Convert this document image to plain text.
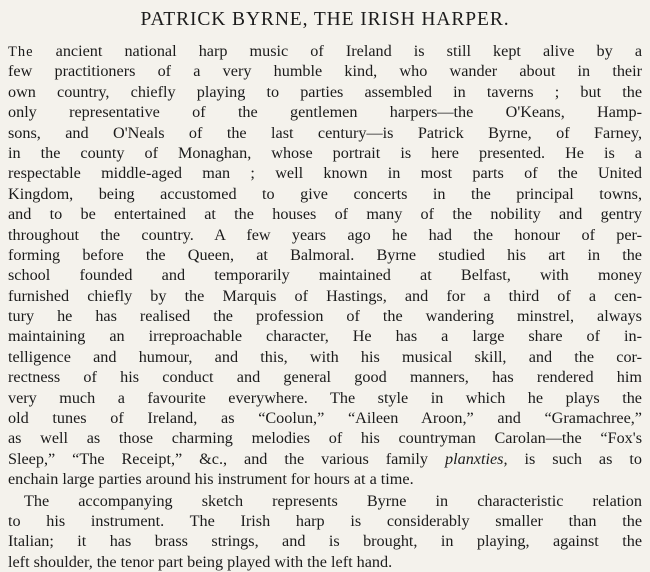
PATRICK BYRNE, THE IRISH HARPER.
The ancient national harp music of Ireland is still kept alive by a
few practitioners of a very humble kind, who wander about in their
own country, chiefly playing to parties assembled in taverns ; but the
only representative of the gentlemen harpers—the O'Keans, Hamp-
sons, and O'Neals of the last century—is Patrick Byrne, of Farney,
in the county of Monaghan, whose portrait is here presented. He is a
respectable middle-aged man ; well known in most parts of the United
Kingdom, being accustomed to give concerts in the principal towns,
and to be entertained at the houses of many of the nobility and gentry
throughout the country. A few years ago he had the honour of per-
forming before the Queen, at Balmoral. Byrne studied his art in the
school founded and temporarily maintained at Belfast, with money
furnished chiefly by the Marquis of Hastings, and for a third of a cen-
tury he has realised the profession of the wandering minstrel, always
maintaining an irreproachable character, He has a large share of in-
telligence and humour, and this, with his musical skill, and the cor-
rectness of his conduct and general good manners, has rendered him
very much a favourite everywhere. The style in which he plays the
old tunes of Ireland, as “Coolun,” “Aileen Aroon,” and “Gramachree,”
as well as those charming melodies of his countryman Carolan—the “Fox's
Sleep,” “The Receipt,” &c., and the various family planxties, is such as to
enchain large parties around his instrument for hours at a time.
The accompanying sketch represents Byrne in characteristic relation
to his instrument. The Irish harp is considerably smaller than the
Italian; it has brass strings, and is brought, in playing, against the
left shoulder, the tenor part being played with the left hand.
